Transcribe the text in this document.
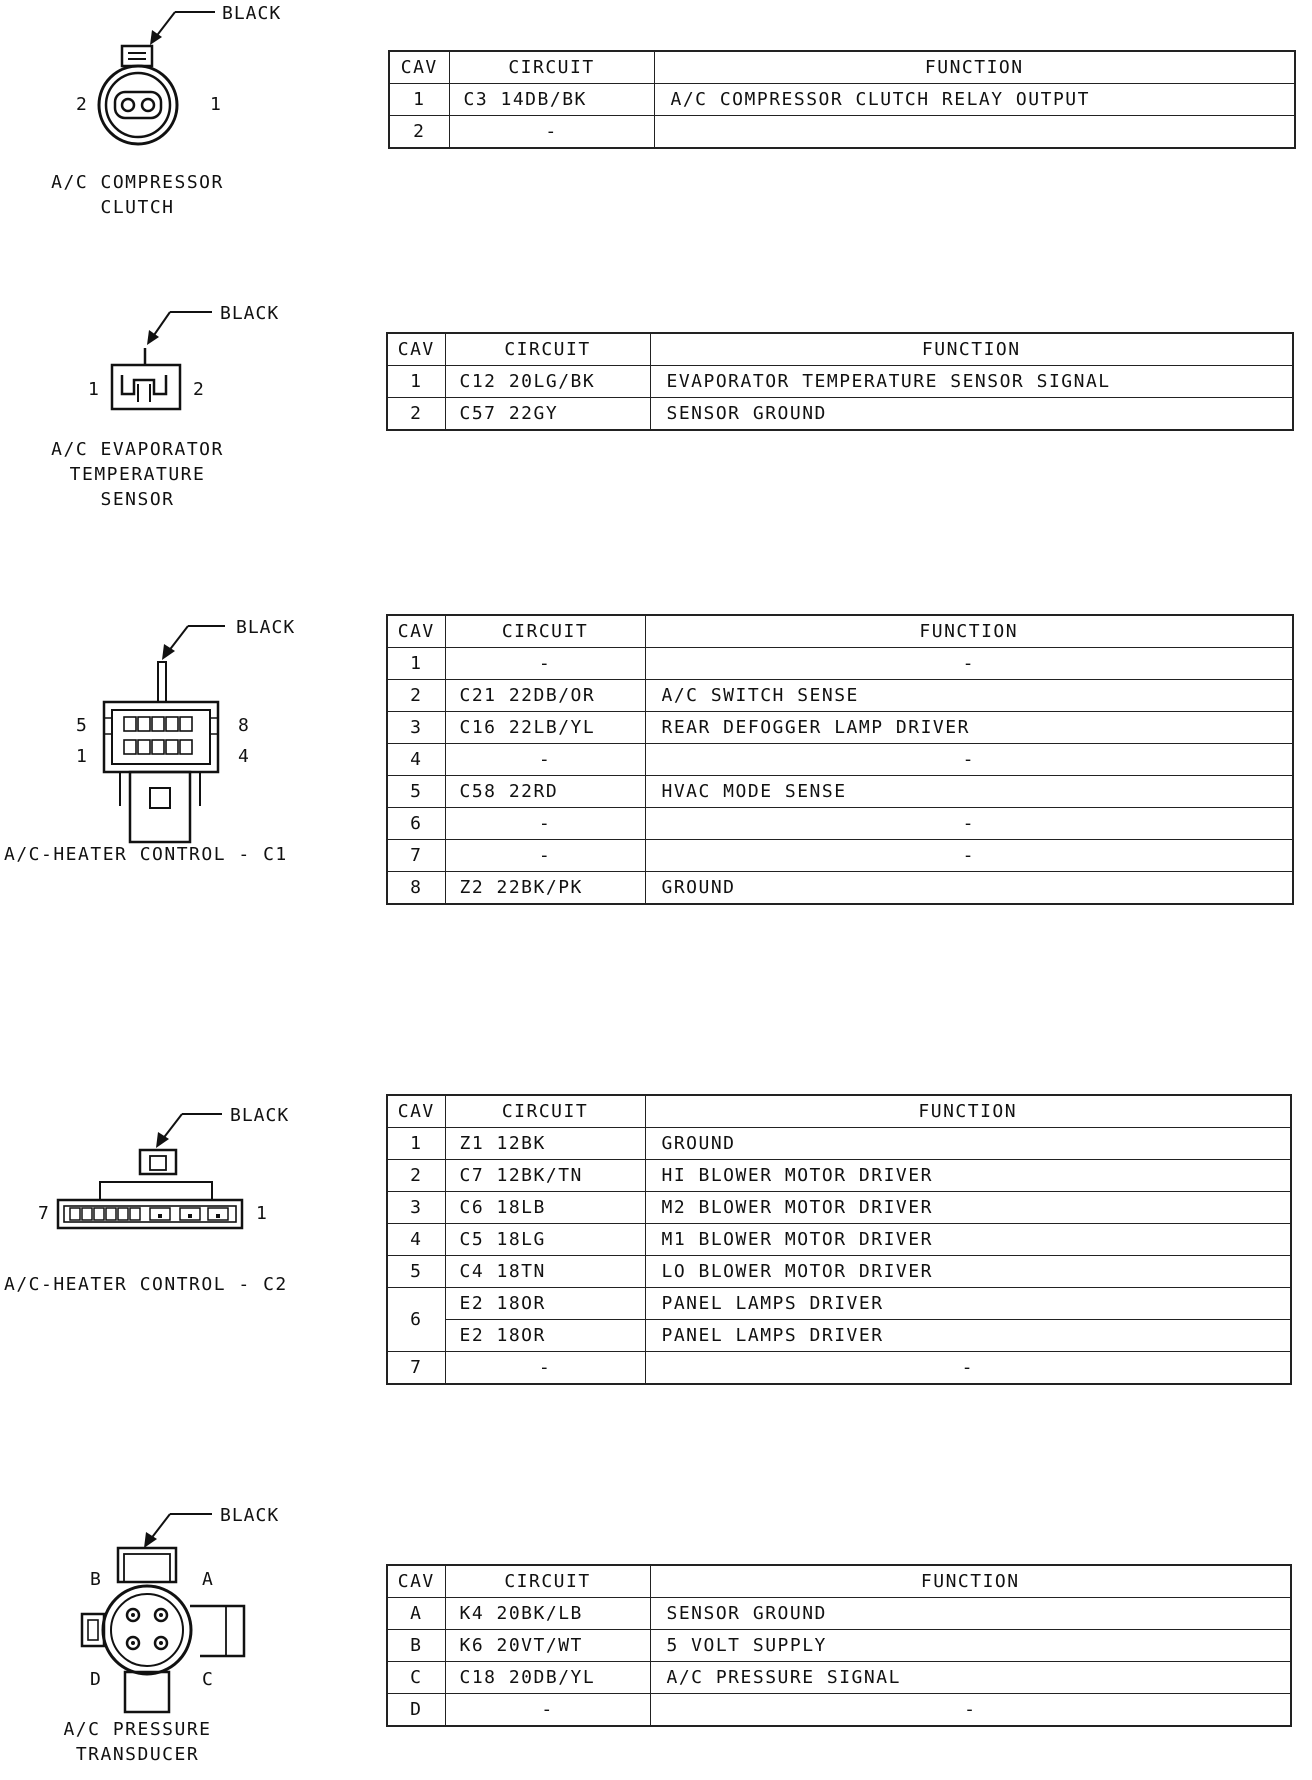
BLACK
2	1
A/C COMPRESSOR
CLUTCH
CAV	CIRCUIT	FUNCTION
1	C3 14DB/BK	A/C COMPRESSOR CLUTCH RELAY OUTPUT
2	-	
BLACK
1	2
A/C EVAPORATOR
TEMPERATURE
SENSOR
CAV	CIRCUIT	FUNCTION
1	C12 20LG/BK	EVAPORATOR TEMPERATURE SENSOR SIGNAL
2	C57 22GY	SENSOR GROUND
BLACK
5	8
1	4
A/C-HEATER CONTROL - C1
CAV	CIRCUIT	FUNCTION
1	-	-
2	C21 22DB/OR	A/C SWITCH SENSE
3	C16 22LB/YL	REAR DEFOGGER LAMP DRIVER
4	-	-
5	C58 22RD	HVAC MODE SENSE
6	-	-
7	-	-
8	Z2 22BK/PK	GROUND
BLACK
7	1
A/C-HEATER CONTROL - C2
CAV	CIRCUIT	FUNCTION
1	Z1 12BK	GROUND
2	C7 12BK/TN	HI BLOWER MOTOR DRIVER
3	C6 18LB	M2 BLOWER MOTOR DRIVER
4	C5 18LG	M1 BLOWER MOTOR DRIVER
5	C4 18TN	LO BLOWER MOTOR DRIVER
6	E2 18OR	PANEL LAMPS DRIVER
	E2 18OR	PANEL LAMPS DRIVER
7	-	-
BLACK
B	A
D	C
A/C PRESSURE
TRANSDUCER
CAV	CIRCUIT	FUNCTION
A	K4 20BK/LB	SENSOR GROUND
B	K6 20VT/WT	5 VOLT SUPPLY
C	C18 20DB/YL	A/C PRESSURE SIGNAL
D	-	-
